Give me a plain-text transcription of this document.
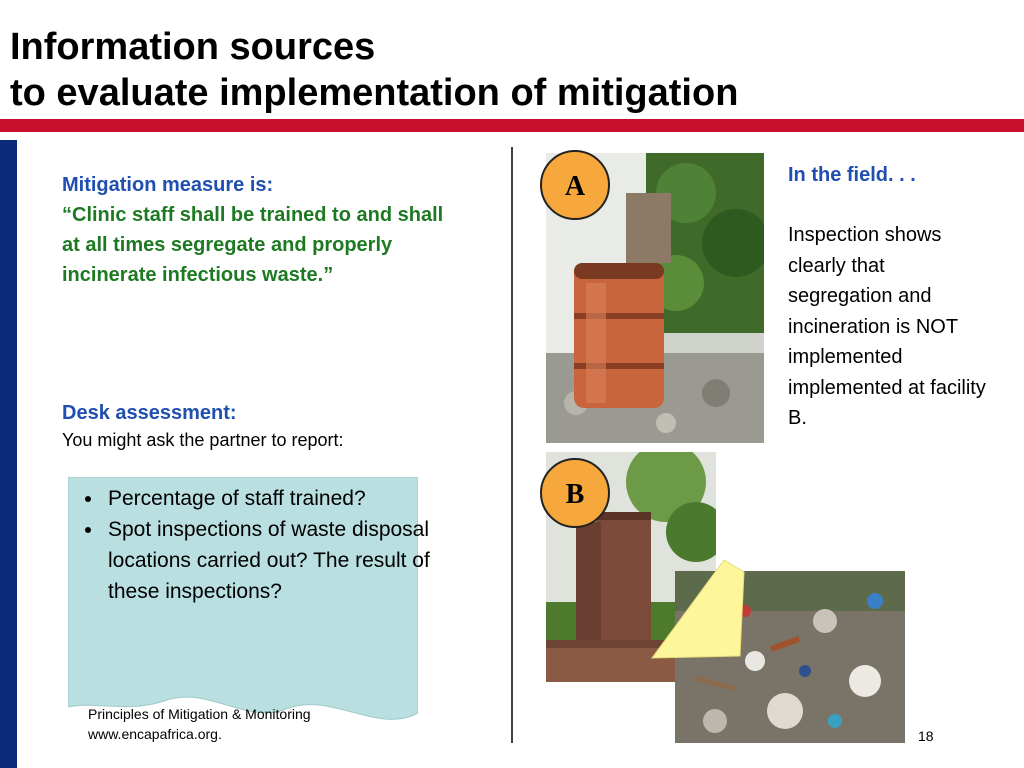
Information sources
to evaluate implementation of mitigation
Mitigation measure is:
“Clinic staff shall be trained to and shall at all times segregate and properly incinerate infectious waste.”
Desk assessment:
You might ask the partner to report:
• Percentage of staff trained?
• Spot inspections of waste disposal locations carried out? The result of these inspections?
Principles of Mitigation & Monitoring
www.encapafrica.org.	18
A
B
In the field. . .
Inspection shows clearly that segregation and incineration is NOT implemented implemented at facility B.
